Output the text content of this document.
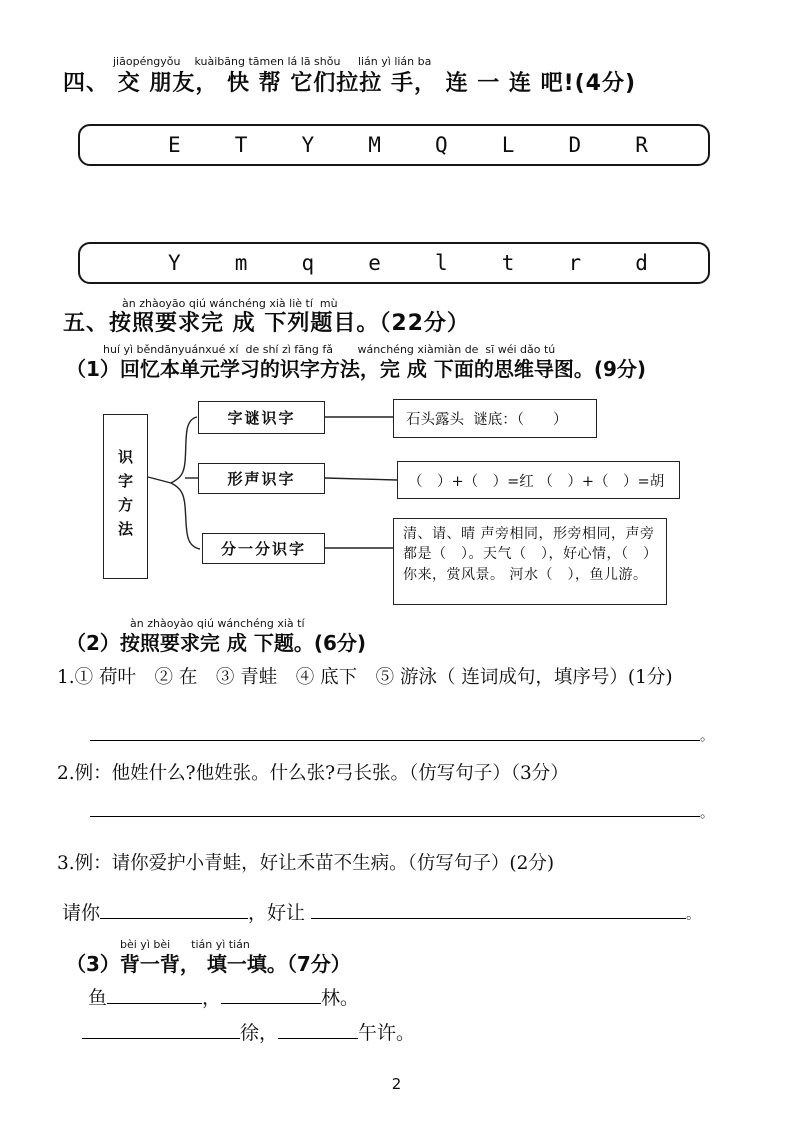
jiāopéngyǒu    kuàibāng tāmen lá lā shǒu     lián yì lián ba
四、 交 朋友， 快 帮 它们拉拉 手， 连 一 连 吧!(4分)
E	T	Y	M	Q	L	D	R
Y	m	q	e	l	t	r	d
àn zhàoyāo qiú wánchéng xià liè tí  mù
五、按照要求完 成 下列题目。（22分）
huí yì běndānyuánxué xí  de shí zì fāng fǎ       wánchéng xiàmiàn de  sī wéi dǎo tú
（1）回忆本单元学习的识字方法，完 成 下面的思维导图。(9分)
识字方法
字谜识字
形声识字
分一分识字
石头露头  谜底：（　　）
（　）+（　）=红 （　）+（　）=胡
清、请、晴 声旁相同，形旁相同，声旁都是（　）。天气（　），好心情，（　）你来，赏风景。 河水（　），鱼儿游。
àn zhàoyào qiú wánchéng xià tí
（2）按照要求完 成 下题。(6分)
1.① 荷叶　② 在　③ 青蛙　④ 底下　⑤ 游泳（ 连词成句，填序号）(1分)
。
2.例：他姓什么?他姓张。什么张?弓长张。（仿写句子）（3分）
。
3.例：请你爱护小青蛙，好让禾苗不生病。（仿写句子）(2分)
请你	，好让	。
bèi yì bèi      tián yì tián
（3）背一背， 填一填。（7分）
鱼	，	林。
徐，	午许。
2
